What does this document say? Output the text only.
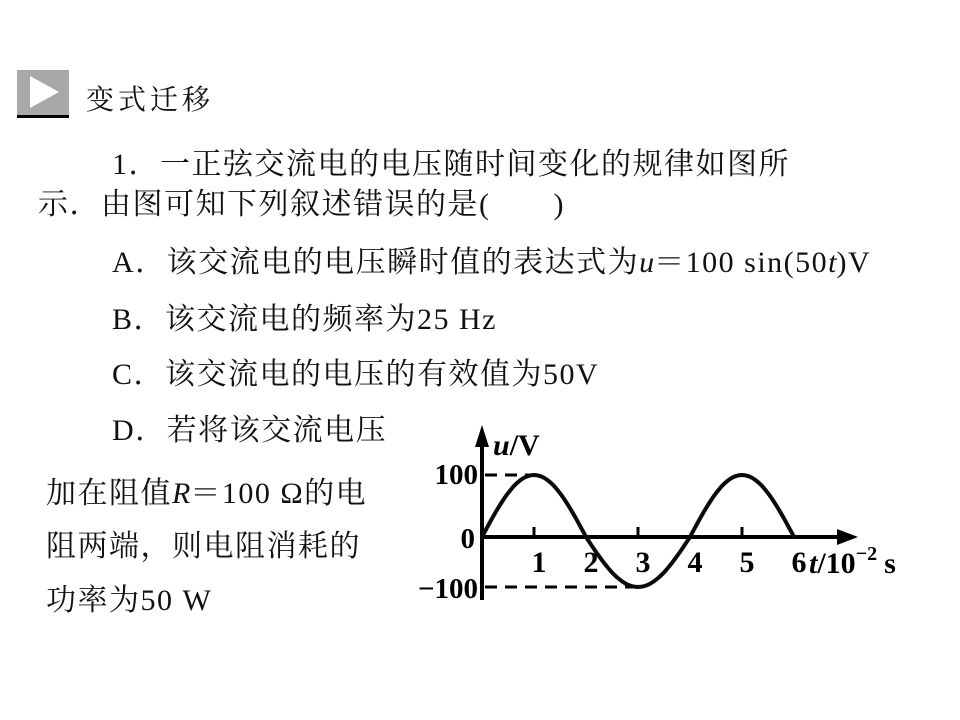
变式迁移
1．一正弦交流电的电压随时间变化的规律如图所
示．由图可知下列叙述错误的是(　　)
A．该交流电的电压瞬时值的表达式为u＝100 sin(50t)V
B．该交流电的频率为25 Hz
C．该交流电的电压的有效值为50V
D．若将该交流电压
加在阻值R＝100 Ω的电
阻两端，则电阻消耗的
功率为50 W
100
0
−100
1 2 3 4 5 6
u/V
$t/10^{-2}$ s
